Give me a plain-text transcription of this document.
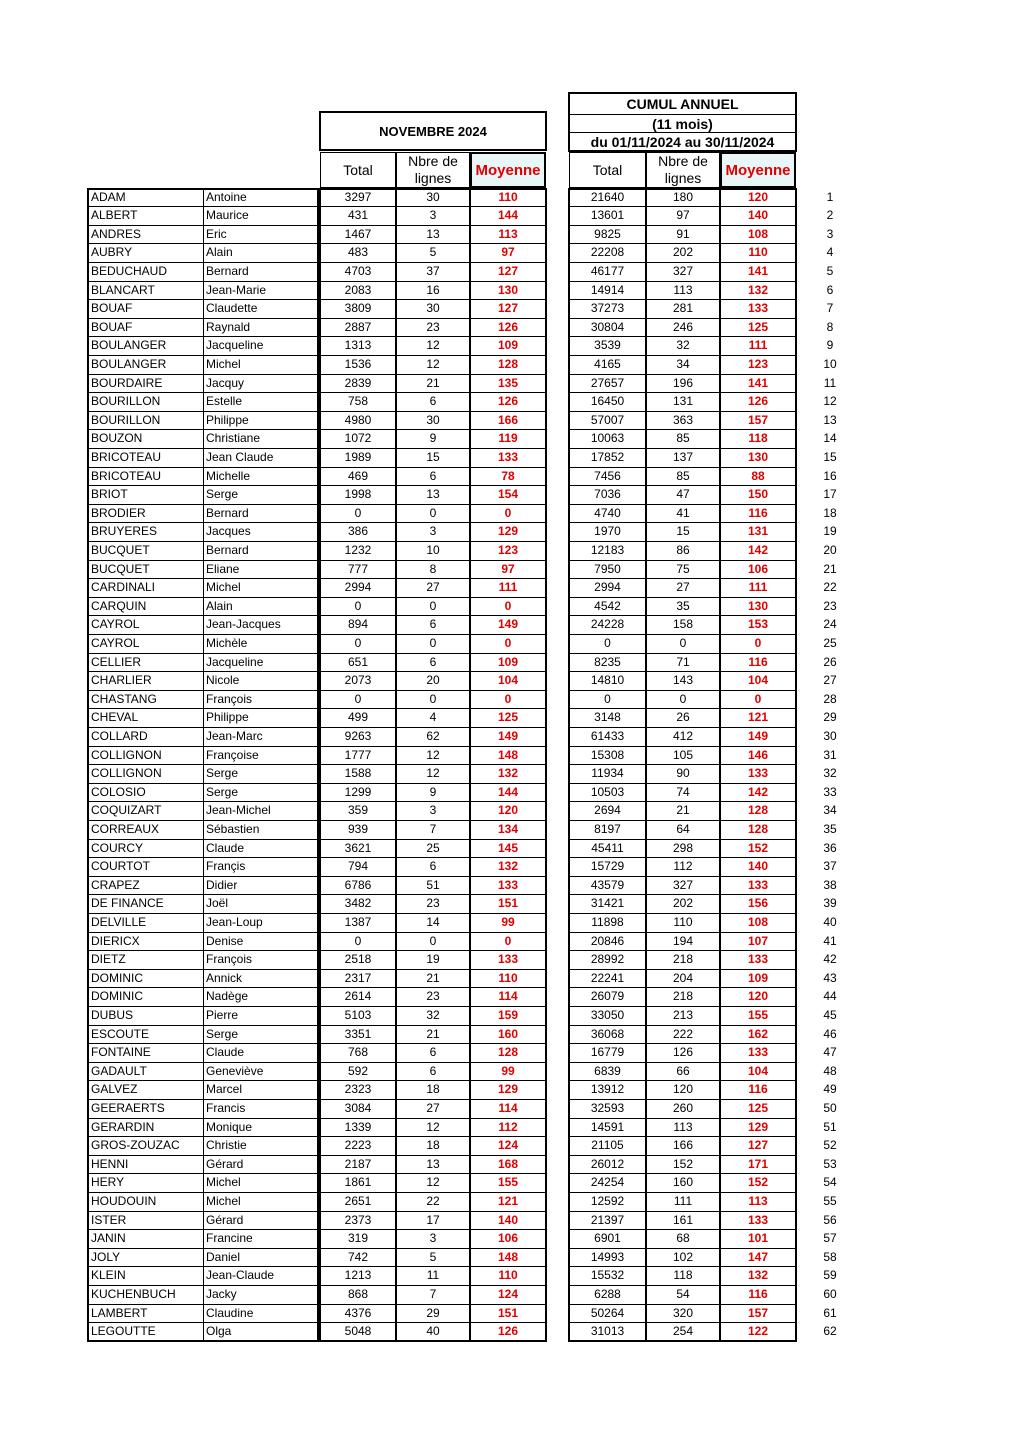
NOVEMBRE 2024
Total
Nbre de lignes	Moyenne
CUMUL ANNUEL
(11 mois)
du 01/11/2024 au 30/11/2024
Total
Nbre de lignes	Moyenne
ADAM	Antoine	3297	30	110	21640	180	120	1
ALBERT	Maurice	431	3	144	13601	97	140	2
ANDRES	Eric	1467	13	113	9825	91	108	3
AUBRY	Alain	483	5	97	22208	202	110	4
BEDUCHAUD	Bernard	4703	37	127	46177	327	141	5
BLANCART	Jean-Marie	2083	16	130	14914	113	132	6
BOUAF	Claudette	3809	30	127	37273	281	133	7
BOUAF	Raynald	2887	23	126	30804	246	125	8
BOULANGER	Jacqueline	1313	12	109	3539	32	111	9
BOULANGER	Michel	1536	12	128	4165	34	123	10
BOURDAIRE	Jacquy	2839	21	135	27657	196	141	11
BOURILLON	Estelle	758	6	126	16450	131	126	12
BOURILLON	Philippe	4980	30	166	57007	363	157	13
BOUZON	Christiane	1072	9	119	10063	85	118	14
BRICOTEAU	Jean Claude	1989	15	133	17852	137	130	15
BRICOTEAU	Michelle	469	6	78	7456	85	88	16
BRIOT	Serge	1998	13	154	7036	47	150	17
BRODIER	Bernard	0	0	0	4740	41	116	18
BRUYERES	Jacques	386	3	129	1970	15	131	19
BUCQUET	Bernard	1232	10	123	12183	86	142	20
BUCQUET	Eliane	777	8	97	7950	75	106	21
CARDINALI	Michel	2994	27	111	2994	27	111	22
CARQUIN	Alain	0	0	0	4542	35	130	23
CAYROL	Jean-Jacques	894	6	149	24228	158	153	24
CAYROL	Michèle	0	0	0	0	0	0	25
CELLIER	Jacqueline	651	6	109	8235	71	116	26
CHARLIER	Nicole	2073	20	104	14810	143	104	27
CHASTANG	François	0	0	0	0	0	0	28
CHEVAL	Philippe	499	4	125	3148	26	121	29
COLLARD	Jean-Marc	9263	62	149	61433	412	149	30
COLLIGNON	Françoise	1777	12	148	15308	105	146	31
COLLIGNON	Serge	1588	12	132	11934	90	133	32
COLOSIO	Serge	1299	9	144	10503	74	142	33
COQUIZART	Jean-Michel	359	3	120	2694	21	128	34
CORREAUX	Sébastien	939	7	134	8197	64	128	35
COURCY	Claude	3621	25	145	45411	298	152	36
COURTOT	Françis	794	6	132	15729	112	140	37
CRAPEZ	Didier	6786	51	133	43579	327	133	38
DE FINANCE	Joël	3482	23	151	31421	202	156	39
DELVILLE	Jean-Loup	1387	14	99	11898	110	108	40
DIERICX	Denise	0	0	0	20846	194	107	41
DIETZ	François	2518	19	133	28992	218	133	42
DOMINIC	Annick	2317	21	110	22241	204	109	43
DOMINIC	Nadège	2614	23	114	26079	218	120	44
DUBUS	Pierre	5103	32	159	33050	213	155	45
ESCOUTE	Serge	3351	21	160	36068	222	162	46
FONTAINE	Claude	768	6	128	16779	126	133	47
GADAULT	Geneviève	592	6	99	6839	66	104	48
GALVEZ	Marcel	2323	18	129	13912	120	116	49
GEERAERTS	Francis	3084	27	114	32593	260	125	50
GERARDIN	Monique	1339	12	112	14591	113	129	51
GROS-ZOUZAC	Christie	2223	18	124	21105	166	127	52
HENNI	Gérard	2187	13	168	26012	152	171	53
HERY	Michel	1861	12	155	24254	160	152	54
HOUDOUIN	Michel	2651	22	121	12592	111	113	55
ISTER	Gérard	2373	17	140	21397	161	133	56
JANIN	Francine	319	3	106	6901	68	101	57
JOLY	Daniel	742	5	148	14993	102	147	58
KLEIN	Jean-Claude	1213	11	110	15532	118	132	59
KUCHENBUCH	Jacky	868	7	124	6288	54	116	60
LAMBERT	Claudine	4376	29	151	50264	320	157	61
LEGOUTTE	Olga	5048	40	126	31013	254	122	62
